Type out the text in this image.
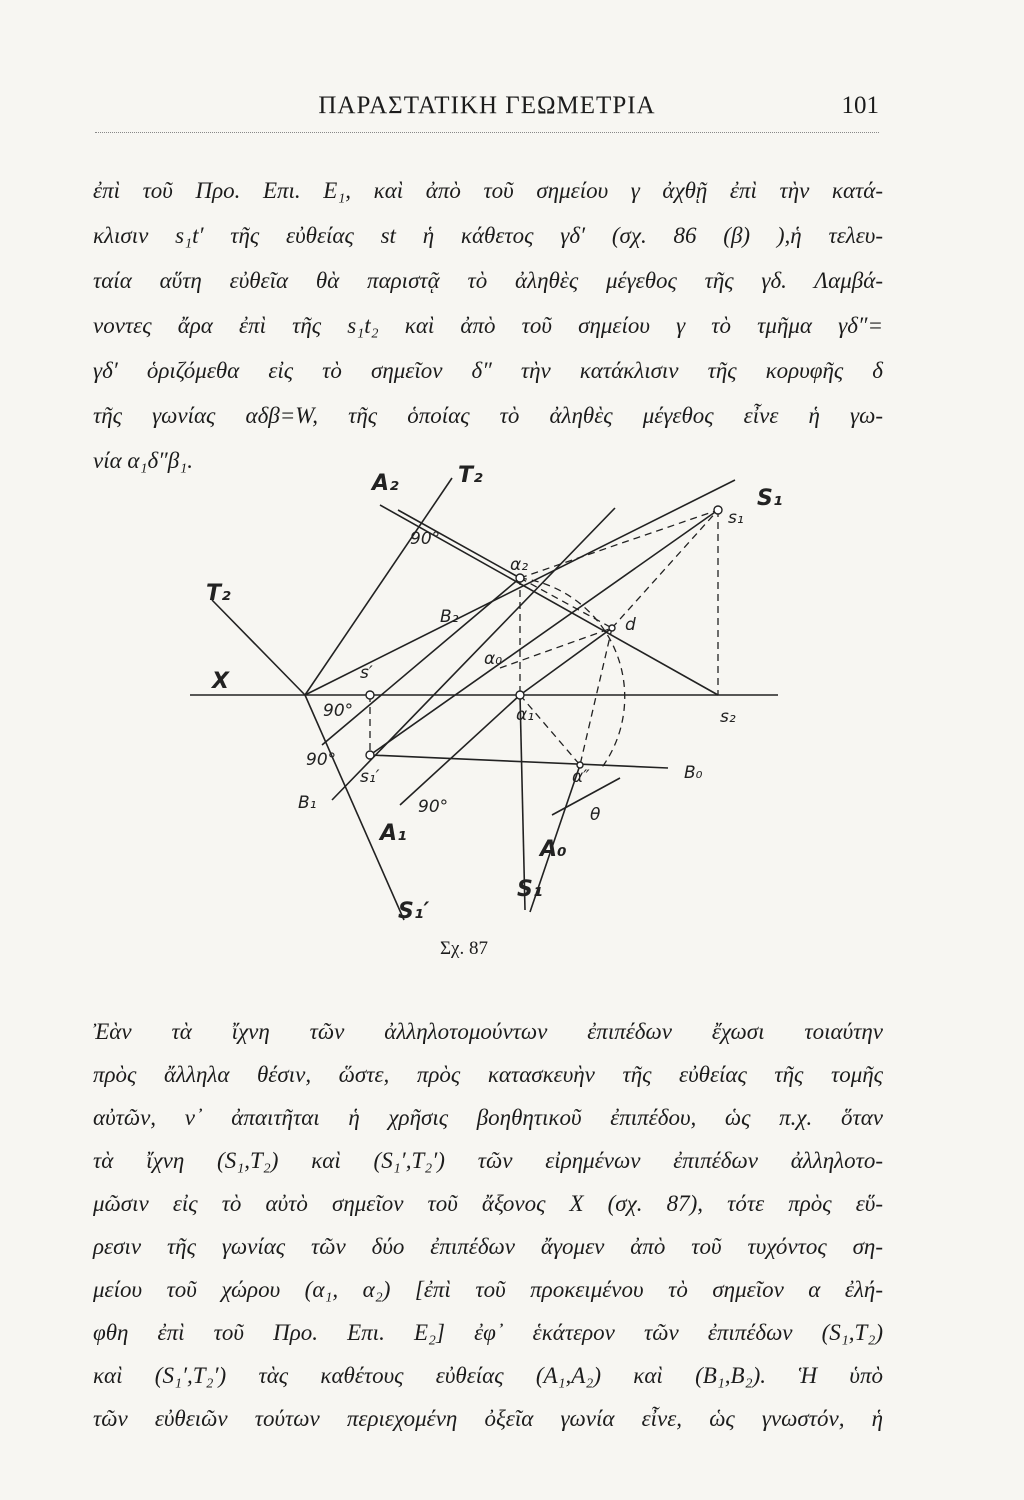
ΠΑΡΑΣΤΑΤΙΚΗ ΓΕΩΜΕΤΡΙΑ	101
ἐπὶ τοῦ Προ. Επι. E₁, καὶ ἀπὸ τοῦ σημείου γ ἀχθῇ ἐπὶ τὴν κατά-
κλισιν s₁t′ τῆς εὐθείας st ἡ κάθετος γδ′ (σχ. 86 (β) ),ἡ τελευ-
ταία αὕτη εὐθεῖα θὰ παριστᾷ τὸ ἀληθὲς μέγεθος τῆς γδ. Λαμβά-
νοντες ἄρα ἐπὶ τῆς s₁t₂ καὶ ἀπὸ τοῦ σημείου γ τὸ τμῆμα γδ″=
γδ′ ὁριζόμεθα εἰς τὸ σημεῖον δ″ τὴν κατάκλισιν τῆς κορυφῆς δ
τῆς γωνίας αδβ=W, τῆς ὁποίας τὸ ἀληθὲς μέγεθος εἶνε ἡ γω-
νία α₁δ″β₁.
A₂	T₂
S₁
s₁
90°
α₂
T₂
B₂	d
α₀
X	s′
90°	α₁	s₂
90°
s₁′	α″	B₀
B₁
A₁
90°	θ
A₀
S₁
S₁′
Σχ. 87
Ἐὰν τὰ ἴχνη τῶν ἀλληλοτομούντων ἐπιπέδων ἔχωσι τοιαύτην
πρὸς ἄλληλα θέσιν, ὥστε, πρὸς κατασκευὴν τῆς εὐθείας τῆς τομῆς
αὐτῶν, ν᾽ ἀπαιτῆται ἡ χρῆσις βοηθητικοῦ ἐπιπέδου, ὡς π.χ. ὅταν
τὰ ἴχνη (S₁,T₂) καὶ (S₁′,T₂′) τῶν εἰρημένων ἐπιπέδων ἀλληλοτο-
μῶσιν εἰς τὸ αὐτὸ σημεῖον τοῦ ἄξονος X (σχ. 87), τότε πρὸς εὕ-
ρεσιν τῆς γωνίας τῶν δύο ἐπιπέδων ἄγομεν ἀπὸ τοῦ τυχόντος ση-
μείου τοῦ χώρου (α₁, α₂) [ἐπὶ τοῦ προκειμένου τὸ σημεῖον α ἐλή-
φθη ἐπὶ τοῦ Προ. Επι. E₂] ἐφ᾽ ἑκάτερον τῶν ἐπιπέδων (S₁,T₂)
καὶ (S₁′,T₂′) τὰς καθέτους εὐθείας (A₁,A₂) καὶ (B₁,B₂). Ἡ ὑπὸ
τῶν εὐθειῶν τούτων περιεχομένη ὀξεῖα γωνία εἶνε, ὡς γνωστόν, ἡ
